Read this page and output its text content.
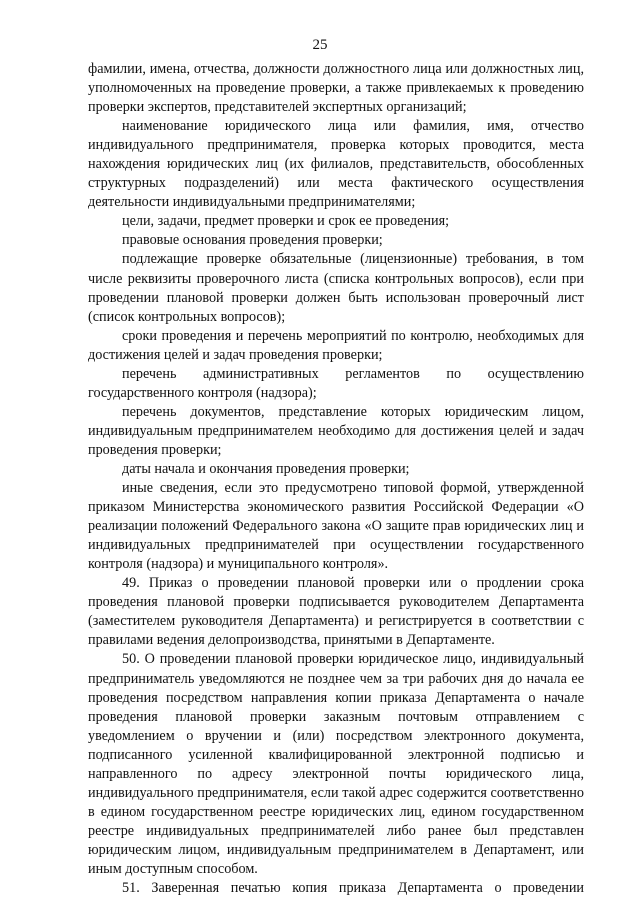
25

фамилии, имена, отчества, должности должностного лица или должностных лиц, уполномоченных на проведение проверки, а также привлекаемых к проведению проверки экспертов, представителей экспертных организаций;

наименование юридического лица или фамилия, имя, отчество индивидуального предпринимателя, проверка которых проводится, места нахождения юридических лиц (их филиалов, представительств, обособленных структурных подразделений) или места фактического осуществления деятельности индивидуальными предпринимателями;

цели, задачи, предмет проверки и срок ее проведения;

правовые основания проведения проверки;

подлежащие проверке обязательные (лицензионные) требования, в том числе реквизиты проверочного листа (списка контрольных вопросов), если при проведении плановой проверки должен быть использован проверочный лист (список контрольных вопросов);

сроки проведения и перечень мероприятий по контролю, необходимых для достижения целей и задач проведения проверки;

перечень административных регламентов по осуществлению государственного контроля (надзора);

перечень документов, представление которых юридическим лицом, индивидуальным предпринимателем необходимо для достижения целей и задач проведения проверки;

даты начала и окончания проведения проверки;

иные сведения, если это предусмотрено типовой формой, утвержденной приказом Министерства экономического развития Российской Федерации «О реализации положений Федерального закона «О защите прав юридических лиц и индивидуальных предпринимателей при осуществлении государственного контроля (надзора) и муниципального контроля».

49. Приказ о проведении плановой проверки или о продлении срока проведения плановой проверки подписывается руководителем Департамента (заместителем руководителя Департамента) и регистрируется в соответствии с правилами ведения делопроизводства, принятыми в Департаменте.

50. О проведении плановой проверки юридическое лицо, индивидуальный предприниматель уведомляются не позднее чем за три рабочих дня до начала ее проведения посредством направления копии приказа Департамента о начале проведения плановой проверки заказным почтовым отправлением с уведомлением о вручении и (или) посредством электронного документа, подписанного усиленной квалифицированной электронной подписью и направленного по адресу электронной почты юридического лица, индивидуального предпринимателя, если такой адрес содержится соответственно в едином государственном реестре юридических лиц, едином государственном реестре индивидуальных предпринимателей либо ранее был представлен юридическим лицом, индивидуальным предпринимателем в Департамент, или иным доступным способом.

51. Заверенная печатью копия приказа Департамента о проведении
